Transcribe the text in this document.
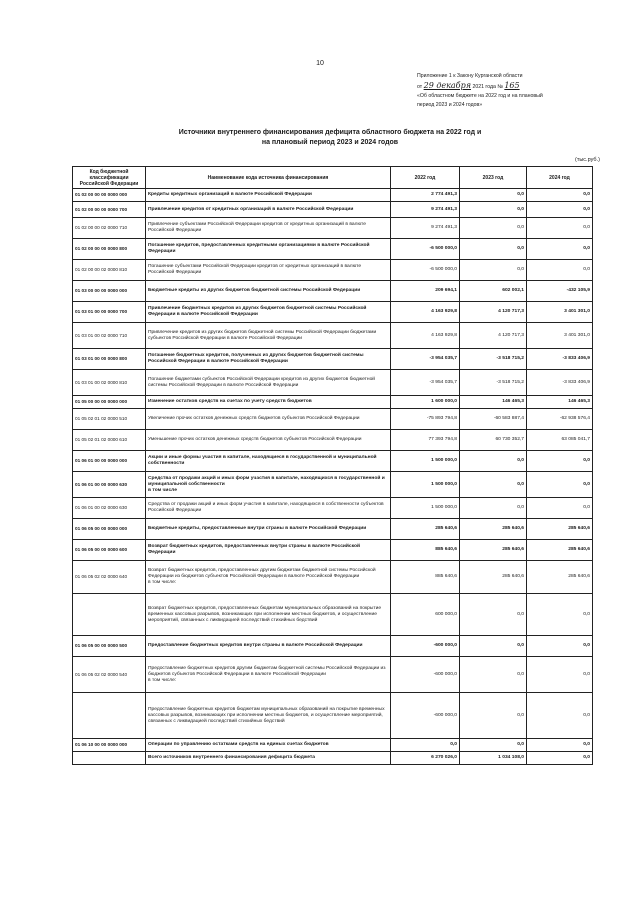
10
Приложение 1 к Закону Курганской области
от 29 декабря 2021 года № 165
«Об областном бюджете на 2022 год и на плановый
период 2023 и 2024 годов»
Источники внутреннего финансирования дефицита областного бюджета на 2022 год и
на плановый период 2023 и 2024 годов
(тыс.руб.)
Код бюджетной классификации Российской Федерации	Наименование кода источника финансирования	2022 год	2023 год	2024 год
01 02 00 00 00 0000 000	Кредиты кредитных организаций в валюте Российской Федерации	2 774 491,3	0,0	0,0
01 02 00 00 00 0000 700	Привлечение кредитов от кредитных организаций в валюте Российской Федерации	9 274 491,3	0,0	0,0
01 02 00 00 02 0000 710	Привлечение субъектами Российской Федерации кредитов от кредитных организаций в валюте Российской Федерации	9 274 491,3	0,0	0,0
01 02 00 00 00 0000 800	Погашение кредитов, предоставленных кредитными организациями в валюте Российской Федерации	-6 500 000,0	0,0	0,0
01 02 00 00 02 0000 810	Погашение субъектами Российской Федерации кредитов от кредитных организаций в валюте Российской Федерации	-6 500 000,0	0,0	0,0
01 03 00 00 00 0000 000	Бюджетные кредиты из других бюджетов бюджетной системы Российской Федерации	209 694,1	602 002,1	-432 105,9
01 03 01 00 00 0000 700	Привлечение бюджетных кредитов из других бюджетов бюджетной системы Российской Федерации в валюте Российской Федерации	4 163 929,8	4 120 717,3	3 401 301,0
01 03 01 00 02 0000 710	Привлечение кредитов из других бюджетов бюджетной системы Российской Федерации бюджетами субъектов Российской Федерации в валюте Российской Федерации	4 163 929,8	4 120 717,3	3 401 301,0
01 03 01 00 00 0000 800	Погашение бюджетных кредитов, полученных из других бюджетов бюджетной системы Российской Федерации в валюте Российской Федерации	-3 954 035,7	-3 518 715,2	-3 833 406,9
01 03 01 00 02 0000 810	Погашение бюджетами субъектов Российской Федерации кредитов из других бюджетов бюджетной системы Российской Федерации в валюте Российской Федерации	-3 954 035,7	-3 518 715,2	-3 833 406,9
01 05 00 00 00 0000 000	Изменение остатков средств на счетах по учету средств бюджетов	1 600 000,0	146 465,3	146 465,3
01 05 02 01 02 0000 510	Увеличение прочих остатков денежных средств бюджетов субъектов Российской Федерации	-75 893 794,8	-60 583 887,4	-62 938 576,4
01 05 02 01 02 0000 610	Уменьшение прочих остатков денежных средств бюджетов субъектов Российской Федерации	77 393 794,8	60 730 352,7	63 085 041,7
01 06 01 00 00 0000 000	Акции и иные формы участия в капитале, находящиеся в государственной и муниципальной собственности	1 500 000,0	0,0	0,0
01 06 01 00 00 0000 630	Средства от продажи акций и иных форм участия в капитале, находящихся в государственной и муниципальной собственности
в том числе	1 500 000,0	0,0	0,0
01 06 01 00 02 0000 630	Средства от продажи акций и иных форм участия в капитале, находящихся в собственности субъектов Российской Федерации	1 500 000,0	0,0	0,0
01 06 05 00 00 0000 000	Бюджетные кредиты, предоставленные внутри страны в валюте Российской Федерации	285 640,6	285 640,6	285 640,6
01 06 05 00 00 0000 600	Возврат бюджетных кредитов, предоставленных внутри страны в валюте Российской Федерации	885 640,6	285 640,6	285 640,6
01 06 05 02 02 0000 640	Возврат бюджетных кредитов, предоставленных другим бюджетам бюджетной системы Российской Федерации из бюджетов субъектов Российской Федерации в валюте Российской Федерации
в том числе:	885 640,6	285 640,6	285 640,6
	Возврат бюджетных кредитов, предоставленных бюджетам муниципальных образований на покрытие временных кассовых разрывов, возникающих при исполнении местных бюджетов, и осуществление мероприятий, связанных с ликвидацией последствий стихийных бедствий	600 000,0	0,0	0,0
01 06 05 00 00 0000 500	Предоставление бюджетных кредитов внутри страны в валюте Российской Федерации	-600 000,0	0,0	0,0
01 06 05 02 02 0000 540	Предоставление бюджетных кредитов другим бюджетам бюджетной системы Российской Федерации из бюджетов субъектов Российской Федерации в валюте Российской Федерации
в том числе:	-600 000,0	0,0	0,0
	Предоставление бюджетных кредитов бюджетам муниципальных образований на покрытие временных кассовых разрывов, возникающих при исполнении местных бюджетов, и осуществление мероприятий, связанных с ликвидацией последствий стихийных бедствий	-600 000,0	0,0	0,0
01 06 10 00 00 0000 000	Операции по управлению остатками средств на единых счетах бюджетов	0,0	0,0	0,0
	Всего источников внутреннего финансирования дефицита бюджета	6 270 026,0	1 034 108,0	0,0
